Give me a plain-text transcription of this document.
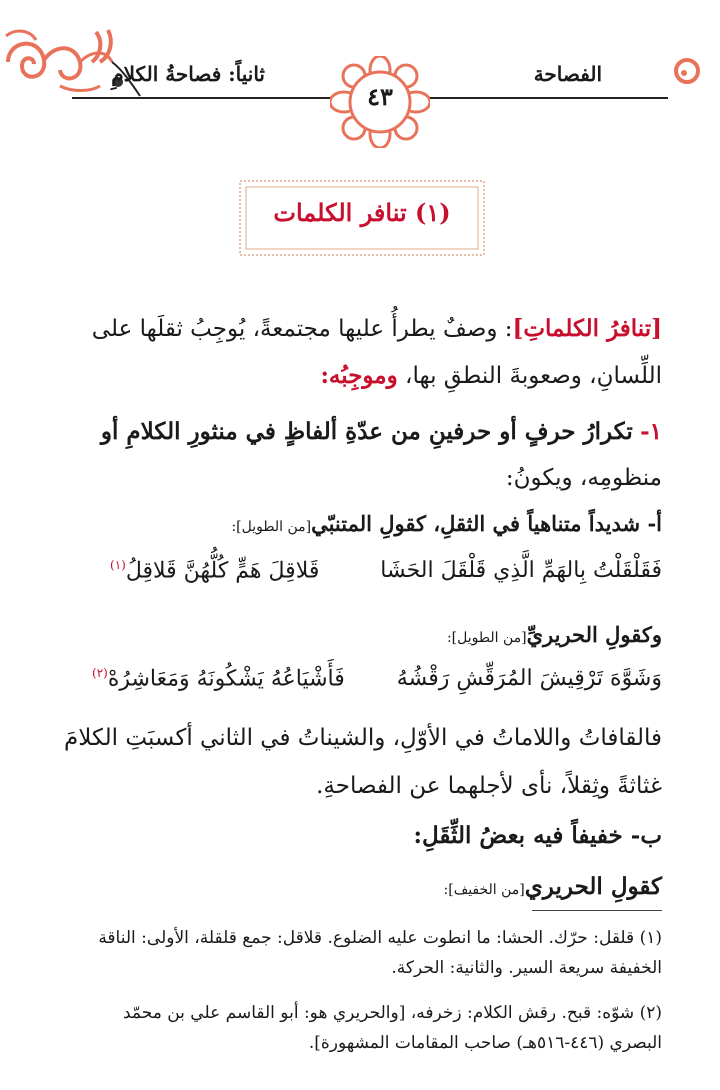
الفصاحة
ثانياً: فصاحةُ الكلامِ
٤٣
(١) تنافر الكلمات
[تنافرُ الكلماتِ]: وصفٌ يطرأُ عليها مجتمعةً، يُوجِبُ ثقلَها على
اللِّسانِ، وصعوبةَ النطقِ بها، وموجِبُه:
١- تكرارُ حرفٍ أو حرفينِ من عدّةِ ألفاظٍ في منثورِ الكلامِ أو
منظومِه، ويكونُ:
أ- شديداً متناهياً في الثقلِ، كقولِ المتنبّي[من الطويل]:
فَقَلْقَلْتُ بِالهَمِّ الَّذِي قَلْقَلَ الحَشَا
قَلاقِلَ هَمٍّ كُلُّهُنَّ قَلاقِلُ$^{(١)}$
وكقولِ الحريريِّ[من الطويل]:
وَشَوَّهَ تَرْقِيشَ المُرَقِّشِ رَقْشُهُ
فَأَشْيَاعُهُ يَشْكُونَهُ وَمَعَاشِرُهْ$^{(٢)}$
فالقافاتُ واللاماتُ في الأوّلِ، والشيناتُ في الثاني أكسبَتِ الكلامَ
غثاثةً وثِقلاً، نأى لأجلهما عن الفصاحةِ.
ب- خفيفاً فيه بعضُ الثِّقَلِ:
كقولِ الحريري[من الخفيف]:
(١) قلقل: حرّك. الحشا: ما انطوت عليه الضلوع. قلاقل: جمع قلقلة، الأولى: الناقة
الخفيفة سريعة السير. والثانية: الحركة.
(٢) شوّه: قبح. رقش الكلام: زخرفه، [والحريري هو: أبو القاسم علي بن محمّد
البصري (٤٤٦-٥١٦هـ) صاحب المقامات المشهورة].
